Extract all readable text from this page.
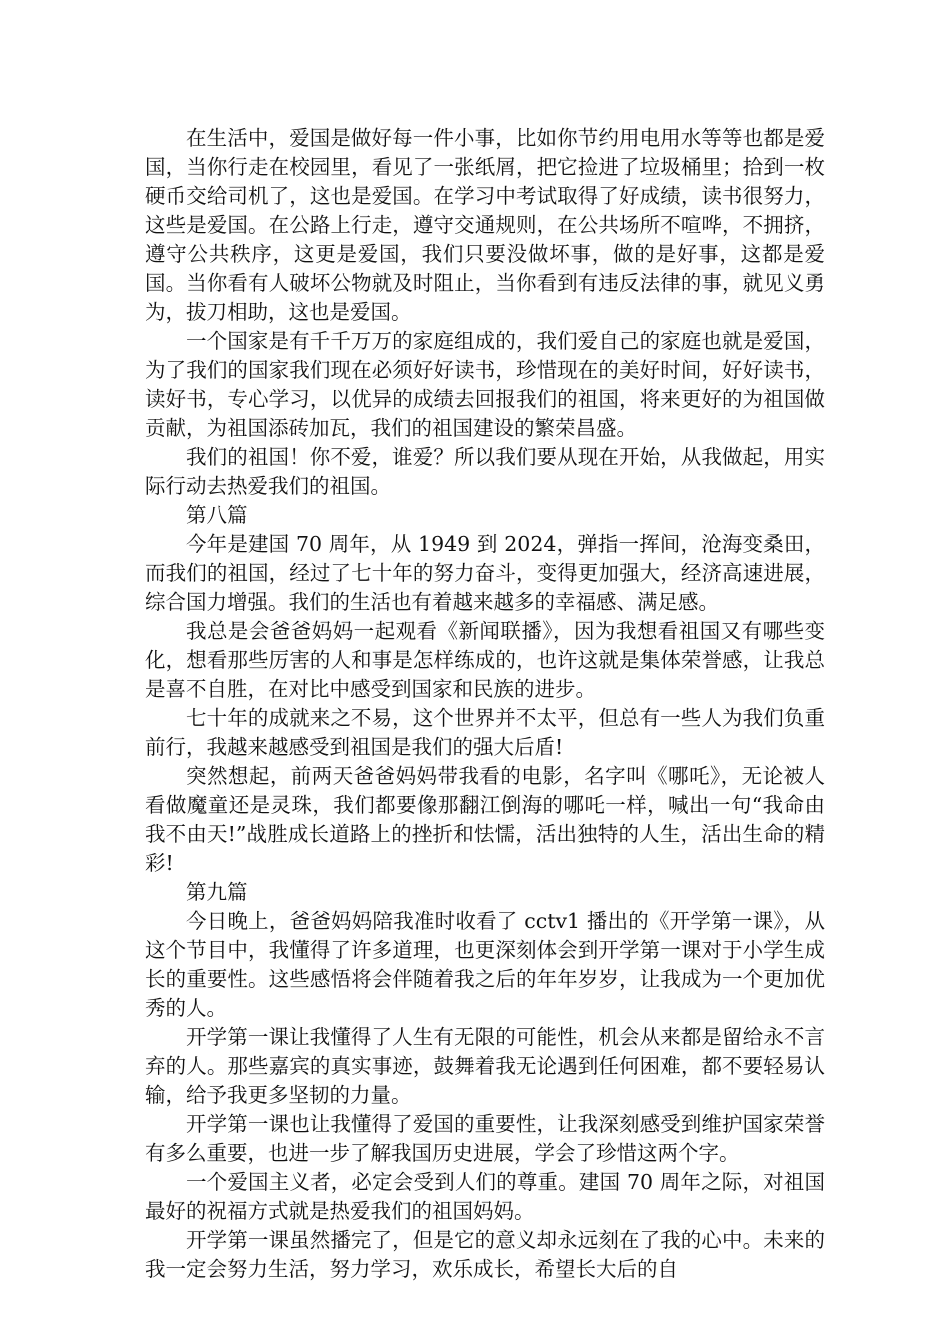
在生活中，爱国是做好每一件小事，比如你节约用电用水等等也都是爱国，当你行走在校园里，看见了一张纸屑，把它捡进了垃圾桶里；拾到一枚硬币交给司机了，这也是爱国。在学习中考试取得了好成绩，读书很努力，这些是爱国。在公路上行走，遵守交通规则，在公共场所不喧哗，不拥挤，遵守公共秩序，这更是爱国，我们只要没做坏事，做的是好事，这都是爱国。当你看有人破坏公物就及时阻止，当你看到有违反法律的事，就见义勇为，拔刀相助，这也是爱国。

一个国家是有千千万万的家庭组成的，我们爱自己的家庭也就是爱国，为了我们的国家我们现在必须好好读书，珍惜现在的美好时间，好好读书，读好书，专心学习，以优异的成绩去回报我们的祖国，将来更好的为祖国做贡献，为祖国添砖加瓦，我们的祖国建设的繁荣昌盛。

我们的祖国！你不爱，谁爱？所以我们要从现在开始，从我做起，用实际行动去热爱我们的祖国。

第八篇

今年是建国 70 周年，从 1949 到 2024，弹指一挥间，沧海变桑田，而我们的祖国，经过了七十年的努力奋斗，变得更加强大，经济高速进展，综合国力增强。我们的生活也有着越来越多的幸福感、满足感。

我总是会爸爸妈妈一起观看《新闻联播》，因为我想看祖国又有哪些变化，想看那些厉害的人和事是怎样练成的，也许这就是集体荣誉感，让我总是喜不自胜，在对比中感受到国家和民族的进步。

七十年的成就来之不易，这个世界并不太平，但总有一些人为我们负重前行，我越来越感受到祖国是我们的强大后盾!

突然想起，前两天爸爸妈妈带我看的电影，名字叫《哪吒》，无论被人看做魔童还是灵珠，我们都要像那翻江倒海的哪吒一样，喊出一句“我命由我不由天!”战胜成长道路上的挫折和怯懦，活出独特的人生，活出生命的精彩!

第九篇

今日晚上，爸爸妈妈陪我准时收看了 cctv1 播出的《开学第一课》，从这个节目中，我懂得了许多道理，也更深刻体会到开学第一课对于小学生成长的重要性。这些感悟将会伴随着我之后的年年岁岁，让我成为一个更加优秀的人。

开学第一课让我懂得了人生有无限的可能性，机会从来都是留给永不言弃的人。那些嘉宾的真实事迹，鼓舞着我无论遇到任何困难，都不要轻易认输，给予我更多坚韧的力量。

开学第一课也让我懂得了爱国的重要性，让我深刻感受到维护国家荣誉有多么重要，也进一步了解我国历史进展，学会了珍惜这两个字。

一个爱国主义者，必定会受到人们的尊重。建国 70 周年之际，对祖国最好的祝福方式就是热爱我们的祖国妈妈。

开学第一课虽然播完了，但是它的意义却永远刻在了我的心中。未来的我一定会努力生活，努力学习，欢乐成长，希望长大后的自
